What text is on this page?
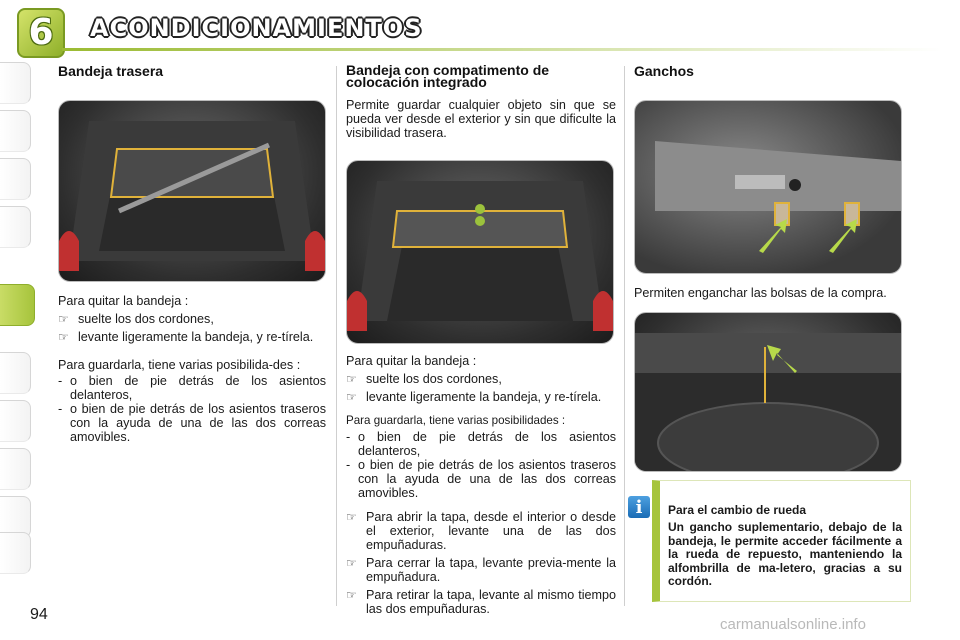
6 ACONDICIONAMIENTOS
Bandeja trasera

Para quitar la bandeja :

☞ suelte los dos cordones,

☞ levante ligeramente la bandeja, y re-tírela.

Para guardarla, tiene varias posibilida-des :

- o bien de pie detrás de los asientos delanteros,

- o bien de pie detrás de los asientos traseros con la ayuda de una de las dos correas amovibles.

Bandeja con compatimento de colocación integrado

Permite guardar cualquier objeto sin que se pueda ver desde el exterior y sin que dificulte la visibilidad trasera.

Para quitar la bandeja :

☞ suelte los dos cordones,

☞ levante ligeramente la bandeja, y re-tírela.

Para guardarla, tiene varias posibilidades :

- o bien de pie detrás de los asientos delanteros,

- o bien de pie detrás de los asientos traseros con la ayuda de una de las dos correas amovibles.

☞ Para abrir la tapa, desde el interior o desde el exterior, levante una de las dos empuñaduras.

☞ Para cerrar la tapa, levante previa-mente la empuñadura.

☞ Para retirar la tapa, levante al mismo tiempo las dos empuñaduras.

Ganchos

Permiten enganchar las bolsas de la compra.

i	Para el cambio de rueda

Un gancho suplementario, debajo de la bandeja, le permite acceder fácilmente a la rueda de repuesto, manteniendo la alfombrilla de ma-letero, gracias a su cordón.

94
carmanualsonline.info
